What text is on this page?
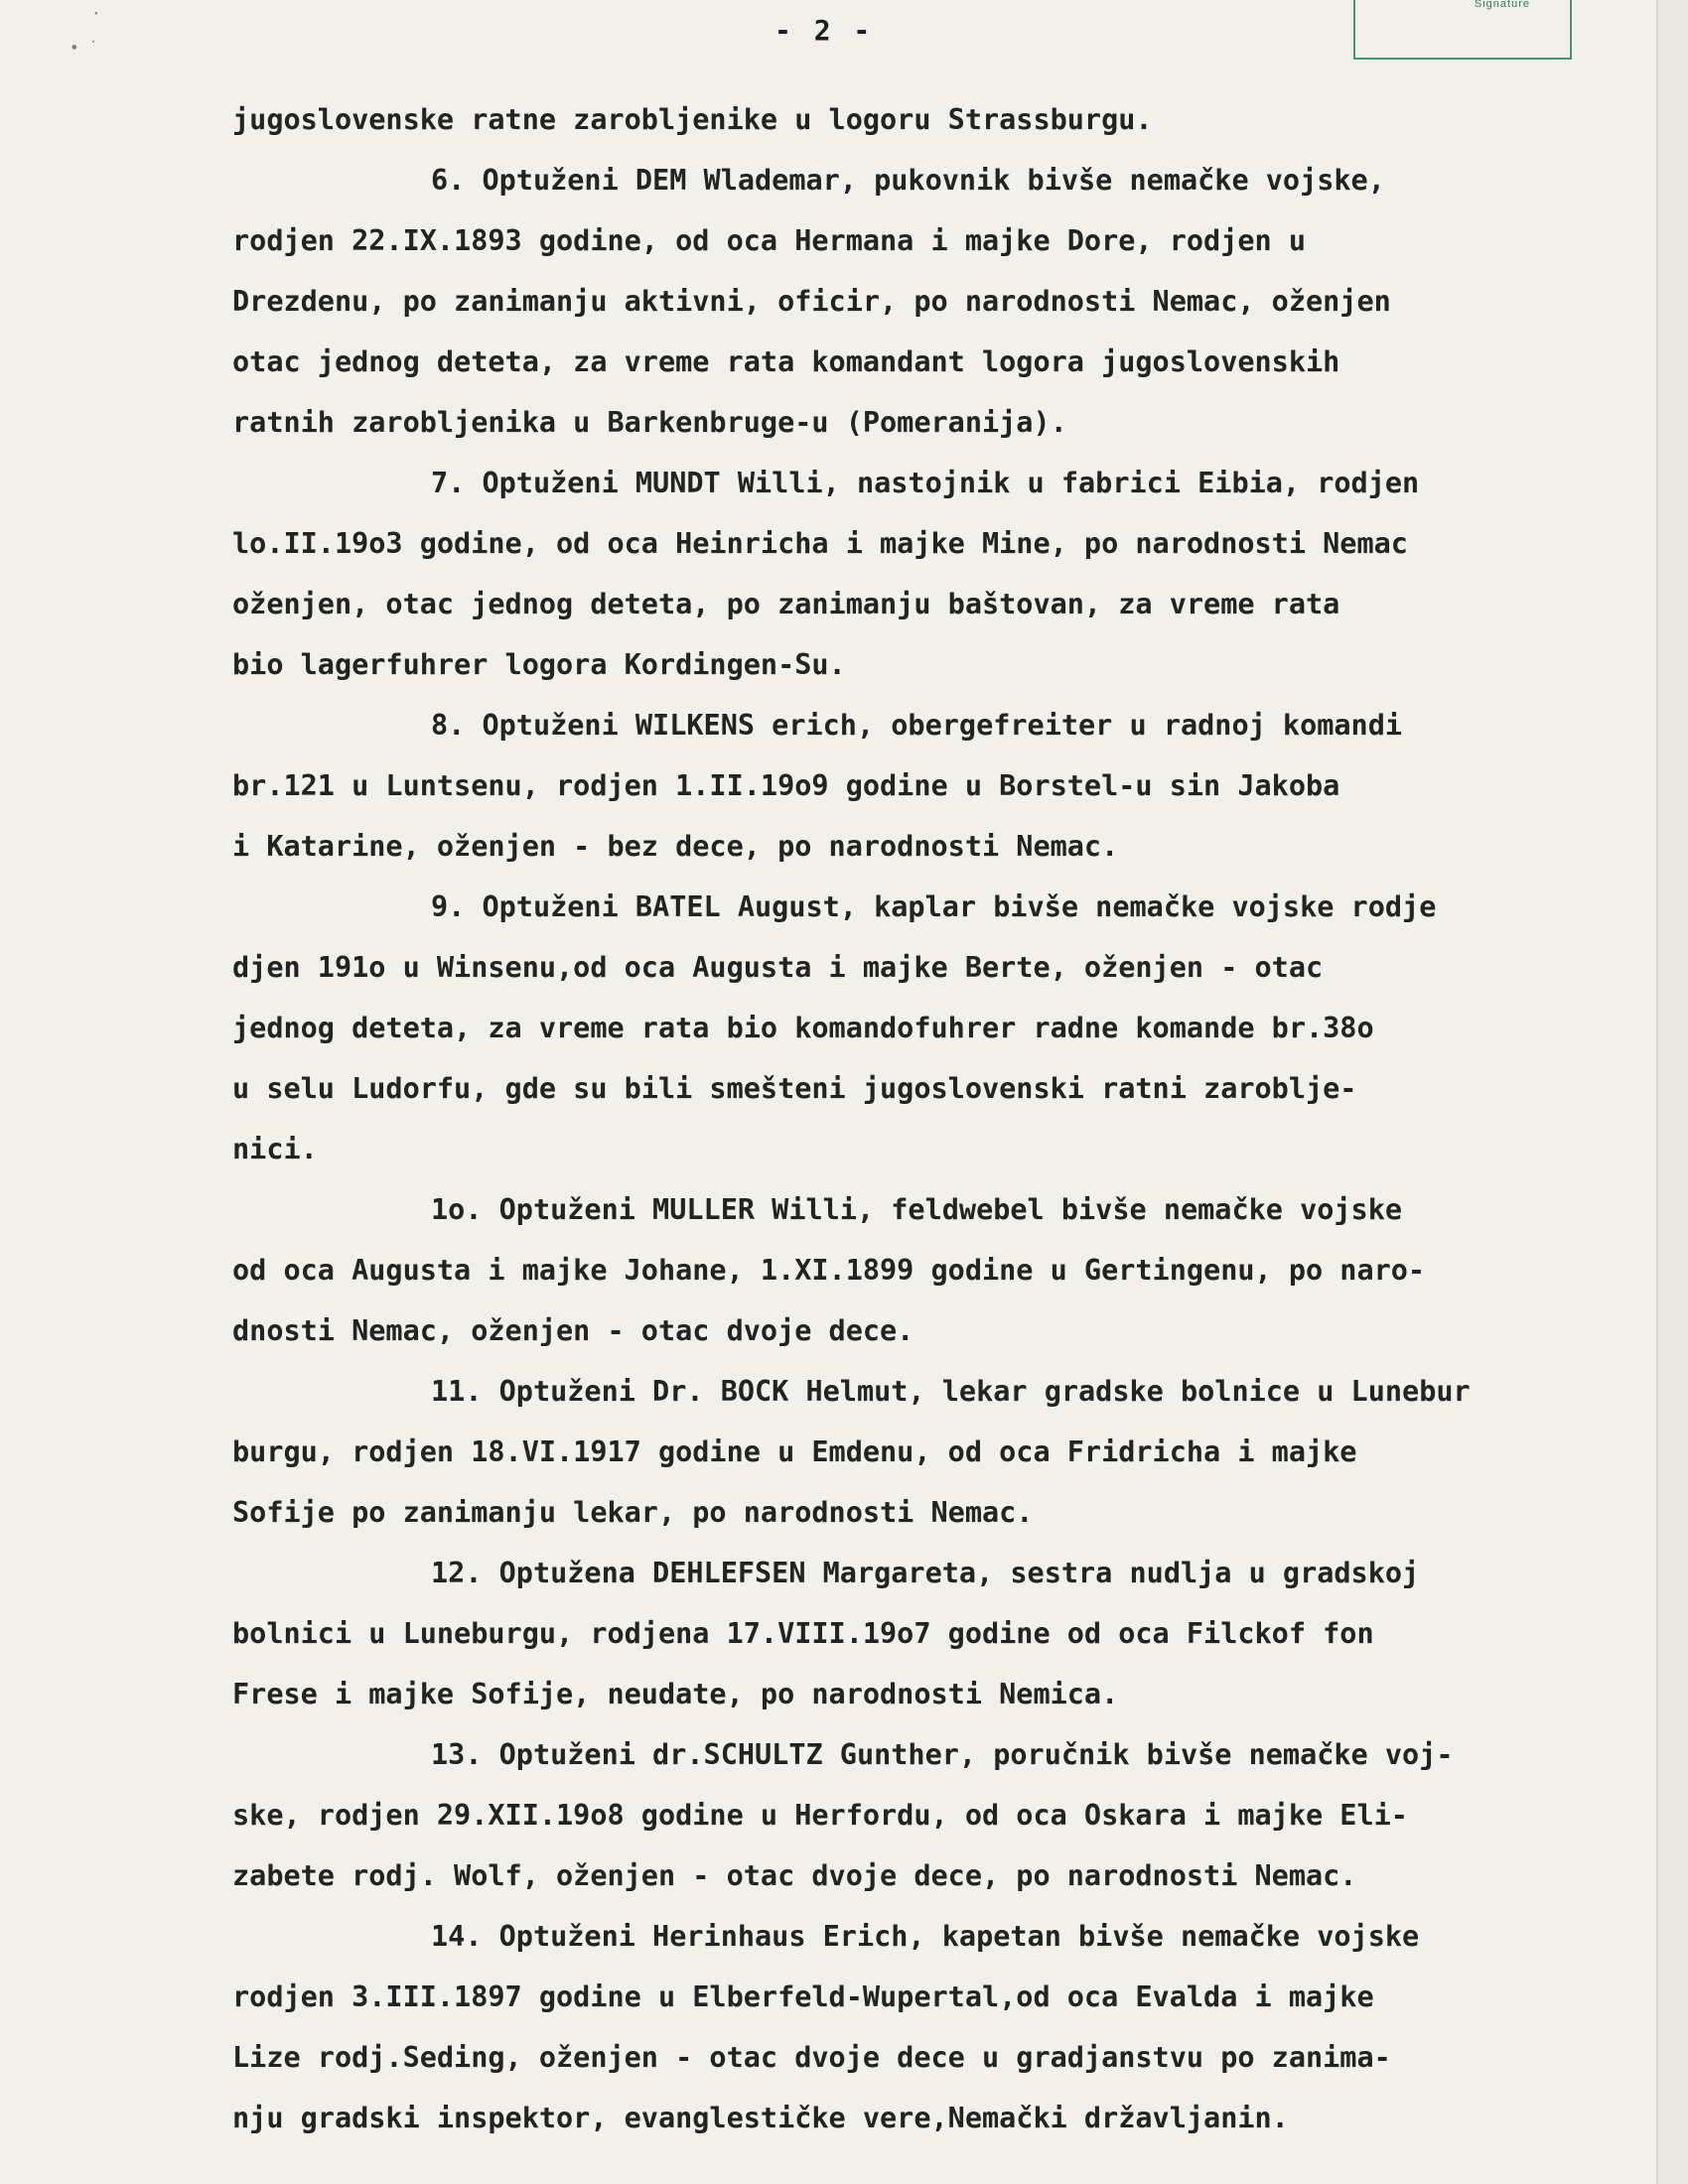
Signature
∙ ˙
·
- 2 -
jugoslovenske ratne zarobljenike u logoru Strassburgu.
6. Optuženi DEM Wlademar, pukovnik bivše nemačke vojske,
rodjen 22.IX.1893 godine, od oca Hermana i majke Dore, rodjen u
Drezdenu, po zanimanju aktivni, oficir, po narodnosti Nemac, oženjen
otac jednog deteta, za vreme rata komandant logora jugoslovenskih
ratnih zarobljenika u Barkenbruge-u (Pomeranija).
7. Optuženi MUNDT Willi, nastojnik u fabrici Eibia, rodjen
lo.II.19o3 godine, od oca Heinricha i majke Mine, po narodnosti Nemac
oženjen, otac jednog deteta, po zanimanju baštovan, za vreme rata
bio lagerfuhrer logora Kordingen-Su.
8. Optuženi WILKENS erich, obergefreiter u radnoj komandi
br.121 u Luntsenu, rodjen 1.II.19o9 godine u Borstel-u sin Jakoba
i Katarine, oženjen - bez dece, po narodnosti Nemac.
9. Optuženi BATEL August, kaplar bivše nemačke vojske rodje
djen 191o u Winsenu,od oca Augusta i majke Berte, oženjen - otac
jednog deteta, za vreme rata bio komandofuhrer radne komande br.38o
u selu Ludorfu, gde su bili smešteni jugoslovenski ratni zarobljе-
nici.
1o. Optuženi MULLER Willi, feldwebel bivše nemačke vojske
od oca Augusta i majke Johane, 1.XI.1899 godine u Gertingenu, po naro-
dnosti Nemac, oženjen - otac dvoje dece.
11. Optuženi Dr. BOCK Helmut, lekar gradske bolnice u Lunebur
burgu, rodjen 18.VI.1917 godine u Emdenu, od oca Fridricha i majke
Sofije po zanimanju lekar, po narodnosti Nemac.
12. Optužena DEHLEFSEN Margareta, sestra nudlja u gradskoj
bolnici u Luneburgu, rodjena 17.VIII.19o7 godine od oca Filckof fon
Frese i majke Sofije, neudate, po narodnosti Nemica.
13. Optuženi dr.SCHULTZ Gunther, poručnik bivše nemačke voj-
ske, rodjen 29.XII.19o8 godine u Herfordu, od oca Oskara i majke Eli-
zabete rodj. Wolf, oženjen - otac dvoje dece, po narodnosti Nemac.
14. Optuženi Herinhaus Erich, kapetan bivše nemačke vojske
rodjen 3.III.1897 godine u Elberfeld-Wupertal,od oca Evalda i majke
Lize rodj.Seding, oženjen - otac dvoje dece u gradjanstvu po zanima-
nju gradski inspektor, evanglestičke vere,Nemački državljanin.
